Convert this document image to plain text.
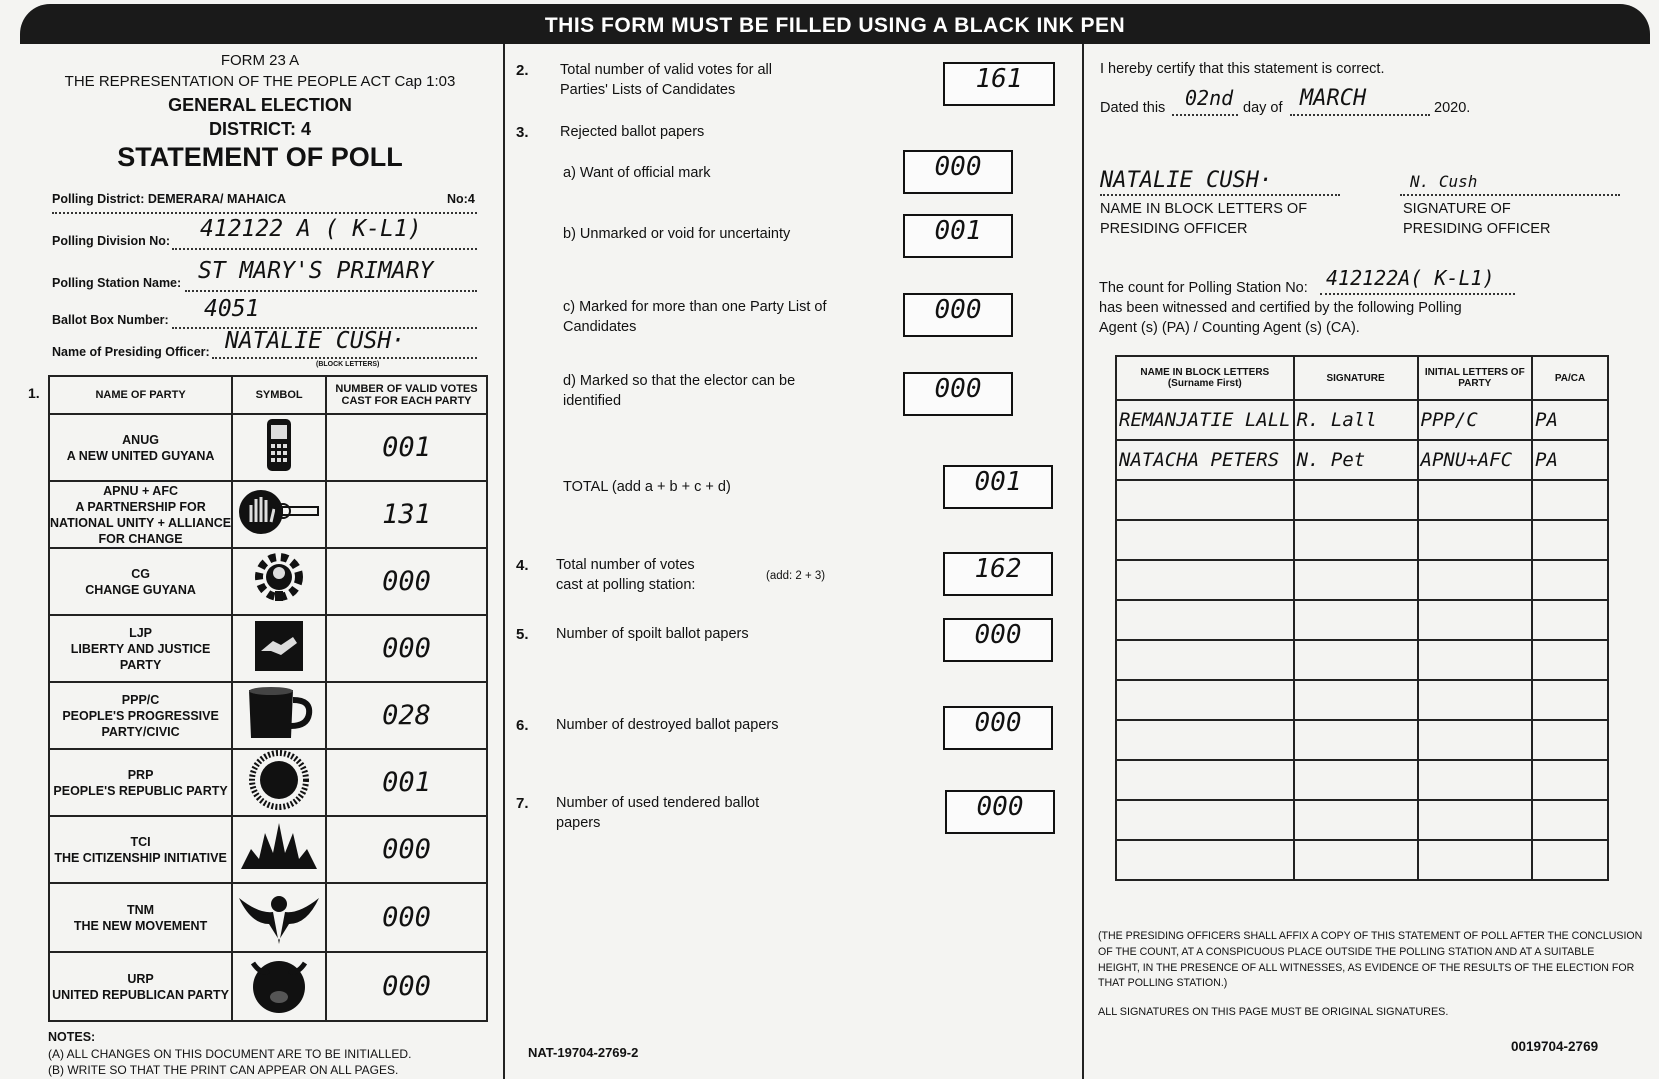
THIS FORM MUST BE FILLED USING A BLACK INK PEN
FORM 23 A
THE REPRESENTATION OF THE PEOPLE ACT Cap 1:03
GENERAL ELECTION
DISTRICT: 4
STATEMENT OF POLL
Polling District: DEMERARA/ MAHAICA	No:4
Polling Division No: 412122 A ( K-L1)
Polling Station Name: ST MARY'S PRIMARY
Ballot Box Number: 4051
Name of Presiding Officer: NATALIE CUSH·
(BLOCK LETTERS)
1.	NAME OF PARTY	SYMBOL	NUMBER OF VALID VOTES CAST FOR EACH PARTY
ANUG
A NEW UNITED GUYANA		001
APNU + AFC
A PARTNERSHIP FOR NATIONAL UNITY + ALLIANCE FOR CHANGE		131
CG
CHANGE GUYANA		000
LJP
LIBERTY AND JUSTICE PARTY		000
PPP/C
PEOPLE'S PROGRESSIVE PARTY/CIVIC		028
PRP
PEOPLE'S REPUBLIC PARTY		001
TCI
THE CITIZENSHIP INITIATIVE		000
TNM
THE NEW MOVEMENT		000
URP
UNITED REPUBLICAN PARTY		000
NOTES:
(A) ALL CHANGES ON THIS DOCUMENT ARE TO BE INITIALLED.
(B) WRITE SO THAT THE PRINT CAN APPEAR ON ALL PAGES.
2. Total number of valid votes for all
Parties' Lists of Candidates	161
3. Rejected ballot papers
a) Want of official mark	000
b) Unmarked or void for uncertainty	001
c) Marked for more than one Party List of
Candidates
000
d) Marked so that the elector can be
identified	000
TOTAL (add a + b + c + d)	001
4. Total number of votes
cast at polling station:
(add: 2 + 3)	162
5. Number of spoilt ballot papers	000
6. Number of destroyed ballot papers	000
7. Number of used tendered ballot
papers
000
NAT-19704-2769-2
I hereby certify that this statement is correct.
Dated this 02nd day of MARCH	2020.
NATALIE CUSH·	N. Cush
NAME IN BLOCK LETTERS OF
PRESIDING OFFICER
SIGNATURE OF
PRESIDING OFFICER
The count for Polling Station No: 412122A( K-L1)
has been witnessed and certified by the following Polling
Agent (s) (PA) / Counting Agent (s) (CA).
NAME IN BLOCK LETTERS (Surname First)	SIGNATURE	INITIAL LETTERS OF PARTY	PA/CA
REMANJATIE LALL	R. Lall	PPP/C	PA
NATACHA PETERS	N. Pet	APNU+AFC	PA

(THE PRESIDING OFFICERS SHALL AFFIX A COPY OF THIS STATEMENT OF POLL AFTER THE CONCLUSION
OF THE COUNT, AT A CONSPICUOUS PLACE OUTSIDE THE POLLING STATION AND AT A SUITABLE
HEIGHT, IN THE PRESENCE OF ALL WITNESSES, AS EVIDENCE OF THE RESULTS OF THE ELECTION FOR
THAT POLLING STATION.)
ALL SIGNATURES ON THIS PAGE MUST BE ORIGINAL SIGNATURES.
0019704-2769
